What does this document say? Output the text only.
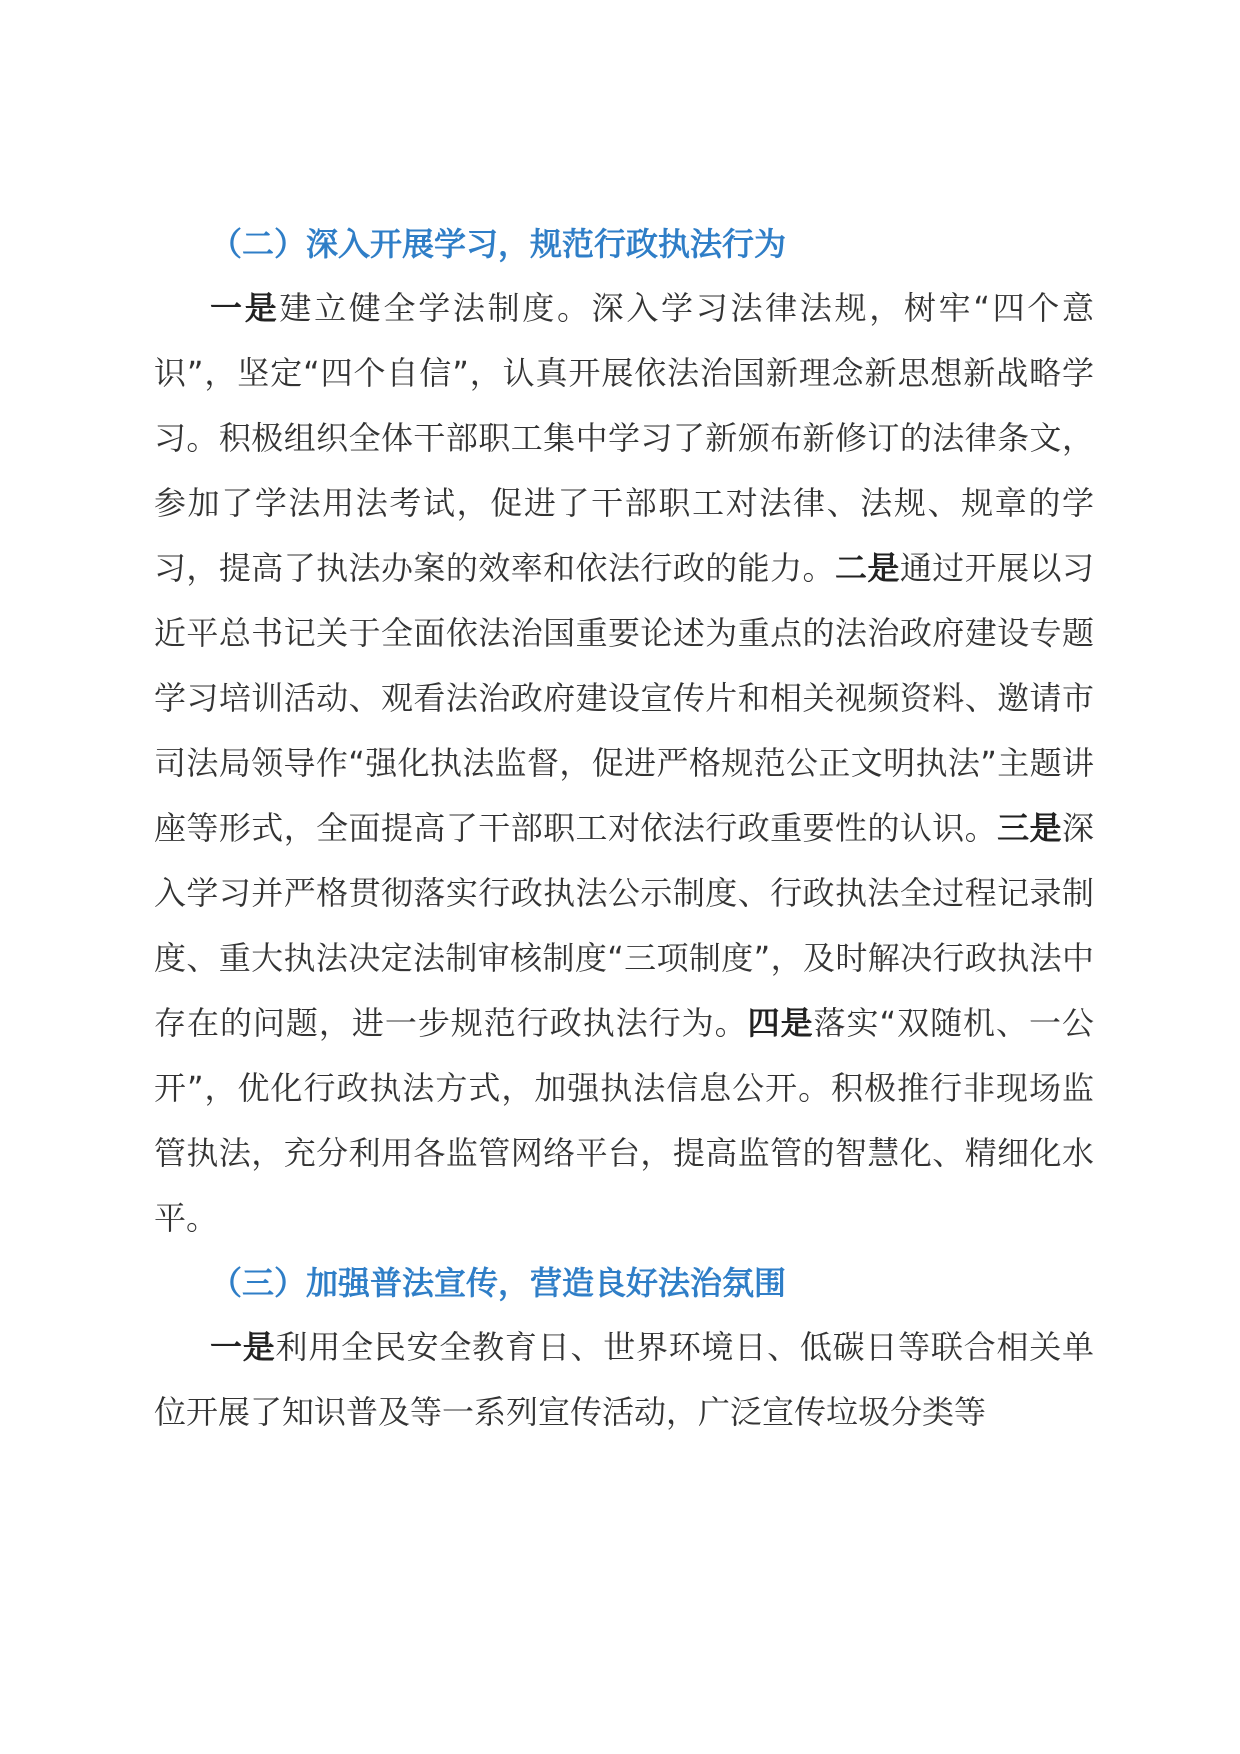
（二）深入开展学习，规范行政执法行为

一是建立健全学法制度。深入学习法律法规，树牢“四个意识”，坚定“四个自信”，认真开展依法治国新理念新思想新战略学习。积极组织全体干部职工集中学习了新颁布新修订的法律条文，参加了学法用法考试，促进了干部职工对法律、法规、规章的学习，提高了执法办案的效率和依法行政的能力。二是通过开展以习近平总书记关于全面依法治国重要论述为重点的法治政府建设专题学习培训活动、观看法治政府建设宣传片和相关视频资料、邀请市司法局领导作“强化执法监督，促进严格规范公正文明执法”主题讲座等形式，全面提高了干部职工对依法行政重要性的认识。三是深入学习并严格贯彻落实行政执法公示制度、行政执法全过程记录制度、重大执法决定法制审核制度“三项制度”，及时解决行政执法中存在的问题，进一步规范行政执法行为。四是落实“双随机、一公开”，优化行政执法方式，加强执法信息公开。积极推行非现场监管执法，充分利用各监管网络平台，提高监管的智慧化、精细化水平。

（三）加强普法宣传，营造良好法治氛围

一是利用全民安全教育日、世界环境日、低碳日等联合相关单位开展了知识普及等一系列宣传活动，广泛宣传垃圾分类等
